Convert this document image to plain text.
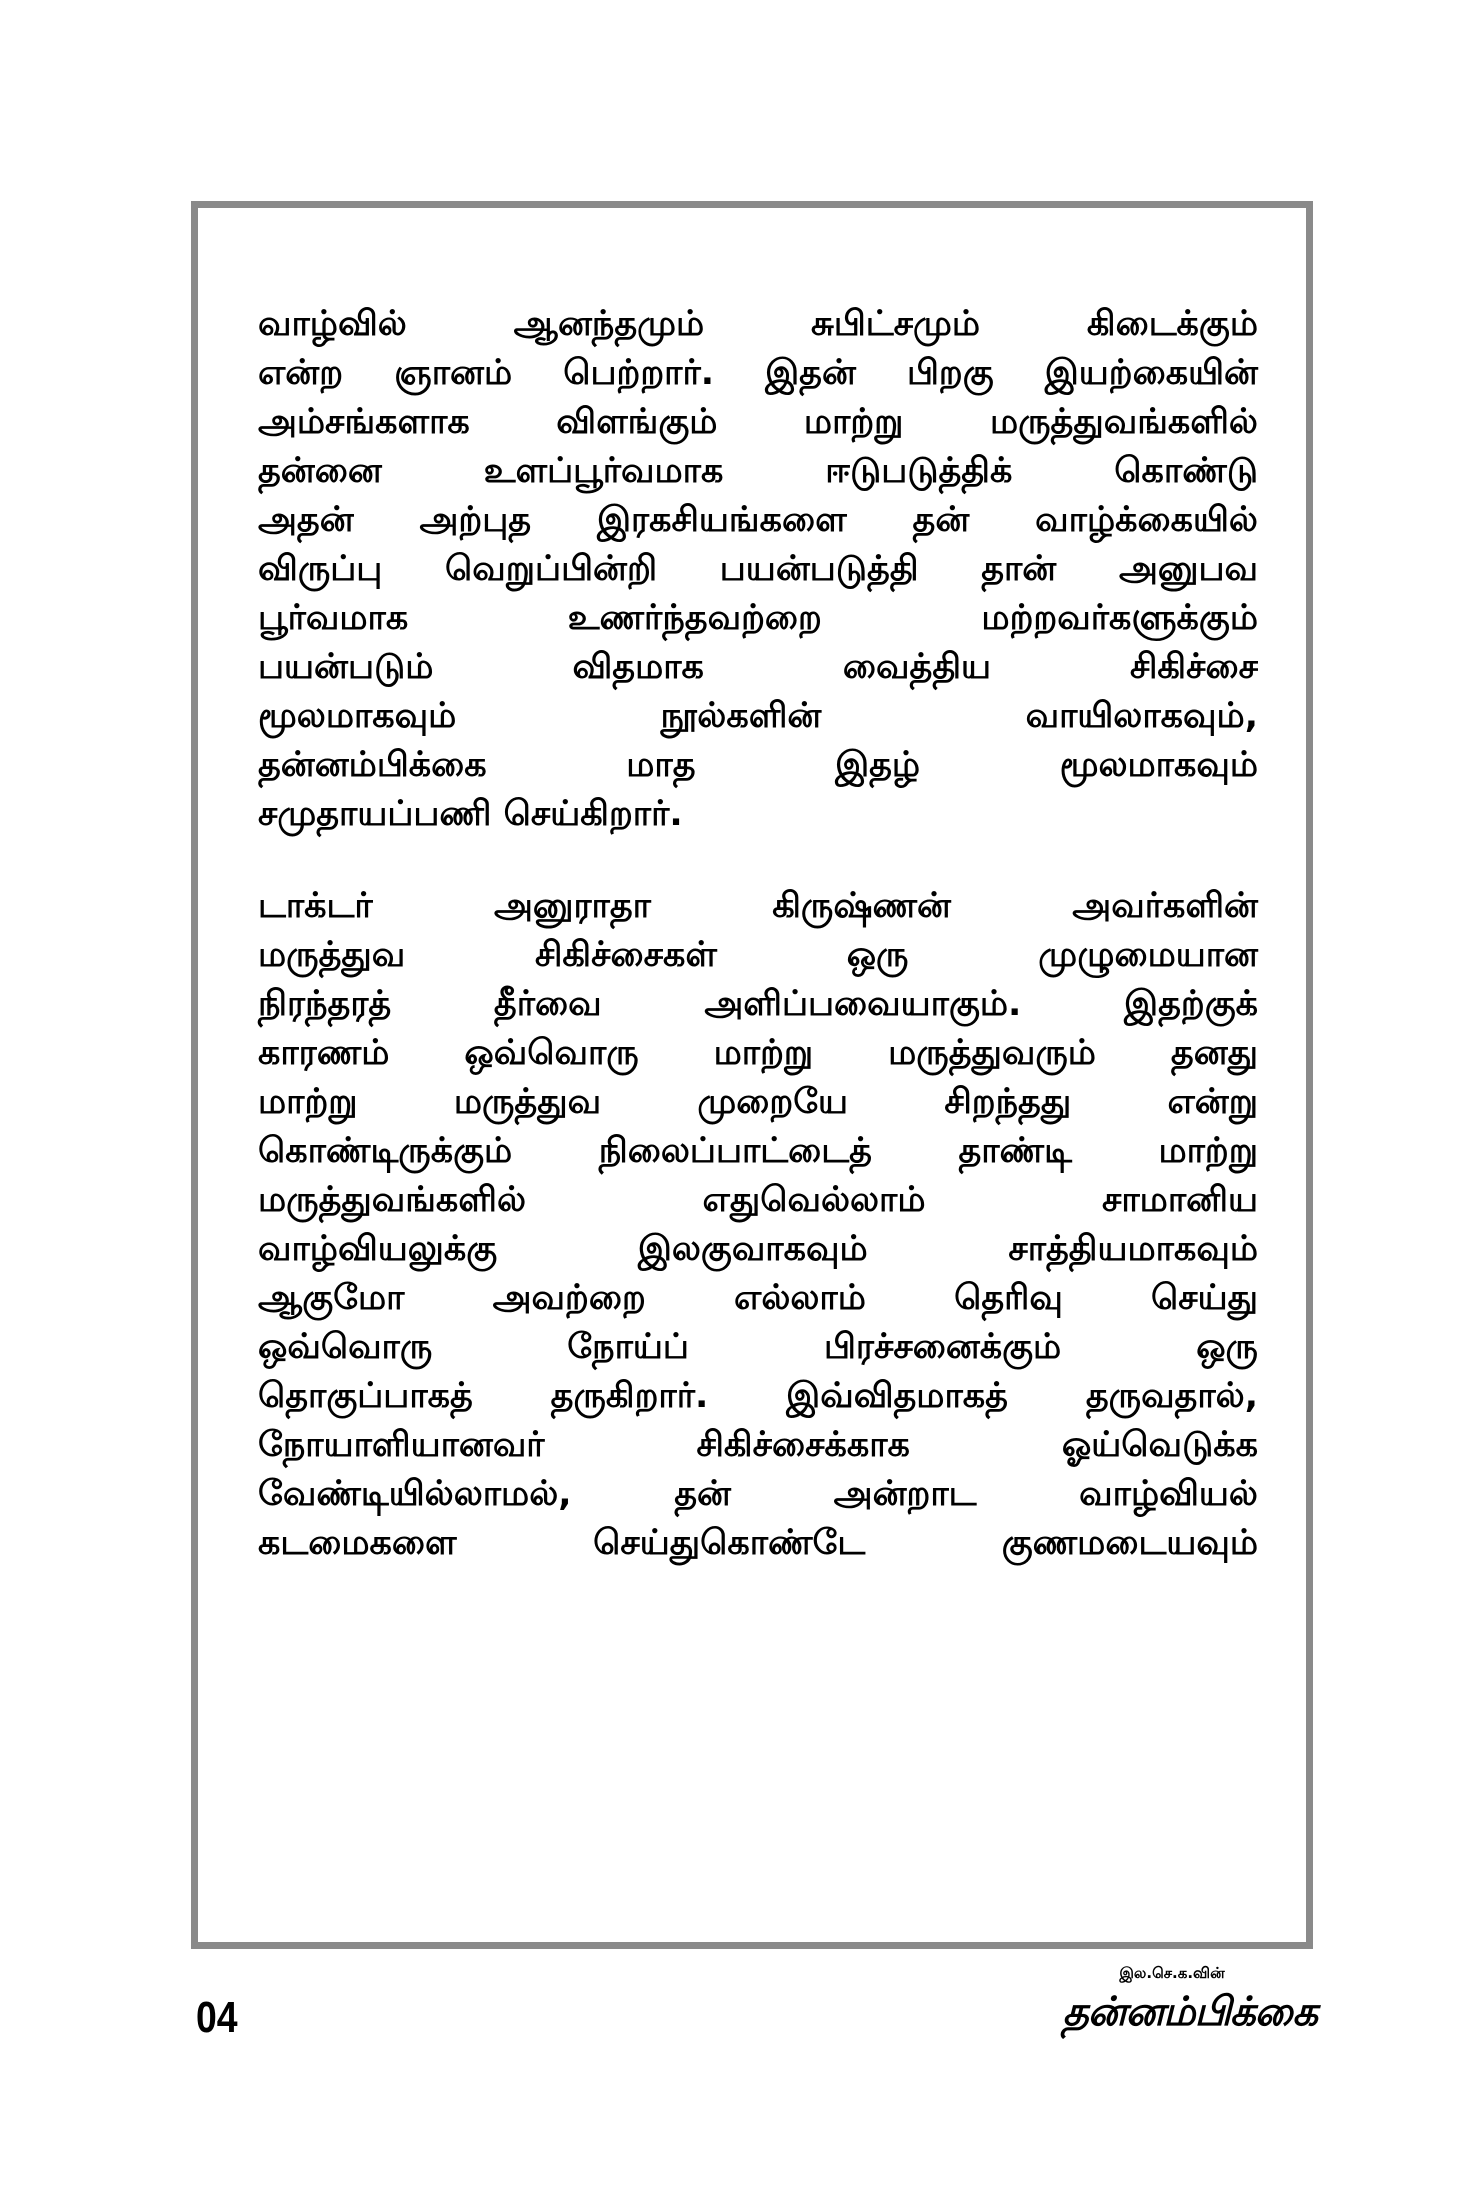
வாழ்வில் ஆனந்தமும் சுபிட்சமும் கிடைக்கும்
என்ற ஞானம் பெற்றார். இதன் பிறகு இயற்கையின்
அம்சங்களாக விளங்கும் மாற்று மருத்துவங்களில்
தன்னை உளப்பூர்வமாக ஈடுபடுத்திக் கொண்டு
அதன் அற்புத இரகசியங்களை தன் வாழ்க்கையில்
விருப்பு வெறுப்பின்றி பயன்படுத்தி தான் அனுபவ
பூர்வமாக உணர்ந்தவற்றை மற்றவர்களுக்கும்
பயன்படும் விதமாக வைத்திய சிகிச்சை
மூலமாகவும் நூல்களின் வாயிலாகவும்,
தன்னம்பிக்கை மாத இதழ் மூலமாகவும்
சமுதாயப்பணி செய்கிறார்.
டாக்டர் அனுராதா கிருஷ்ணன் அவர்களின்
மருத்துவ சிகிச்சைகள் ஒரு முழுமையான
நிரந்தரத் தீர்வை அளிப்பவையாகும். இதற்குக்
காரணம் ஒவ்வொரு மாற்று மருத்துவரும் தனது
மாற்று மருத்துவ முறையே சிறந்தது என்று
கொண்டிருக்கும் நிலைப்பாட்டைத் தாண்டி மாற்று
மருத்துவங்களில் எதுவெல்லாம் சாமானிய
வாழ்வியலுக்கு இலகுவாகவும் சாத்தியமாகவும்
ஆகுமோ அவற்றை எல்லாம் தெரிவு செய்து
ஒவ்வொரு நோய்ப் பிரச்சனைக்கும் ஒரு
தொகுப்பாகத் தருகிறார். இவ்விதமாகத் தருவதால்,
நோயாளியானவர் சிகிச்சைக்காக ஓய்வெடுக்க
வேண்டியில்லாமல், தன் அன்றாட வாழ்வியல்
கடமைகளை செய்துகொண்டே குணமடையவும்
04
இல.செ.க.வின்
தன்னம்பிக்கை
